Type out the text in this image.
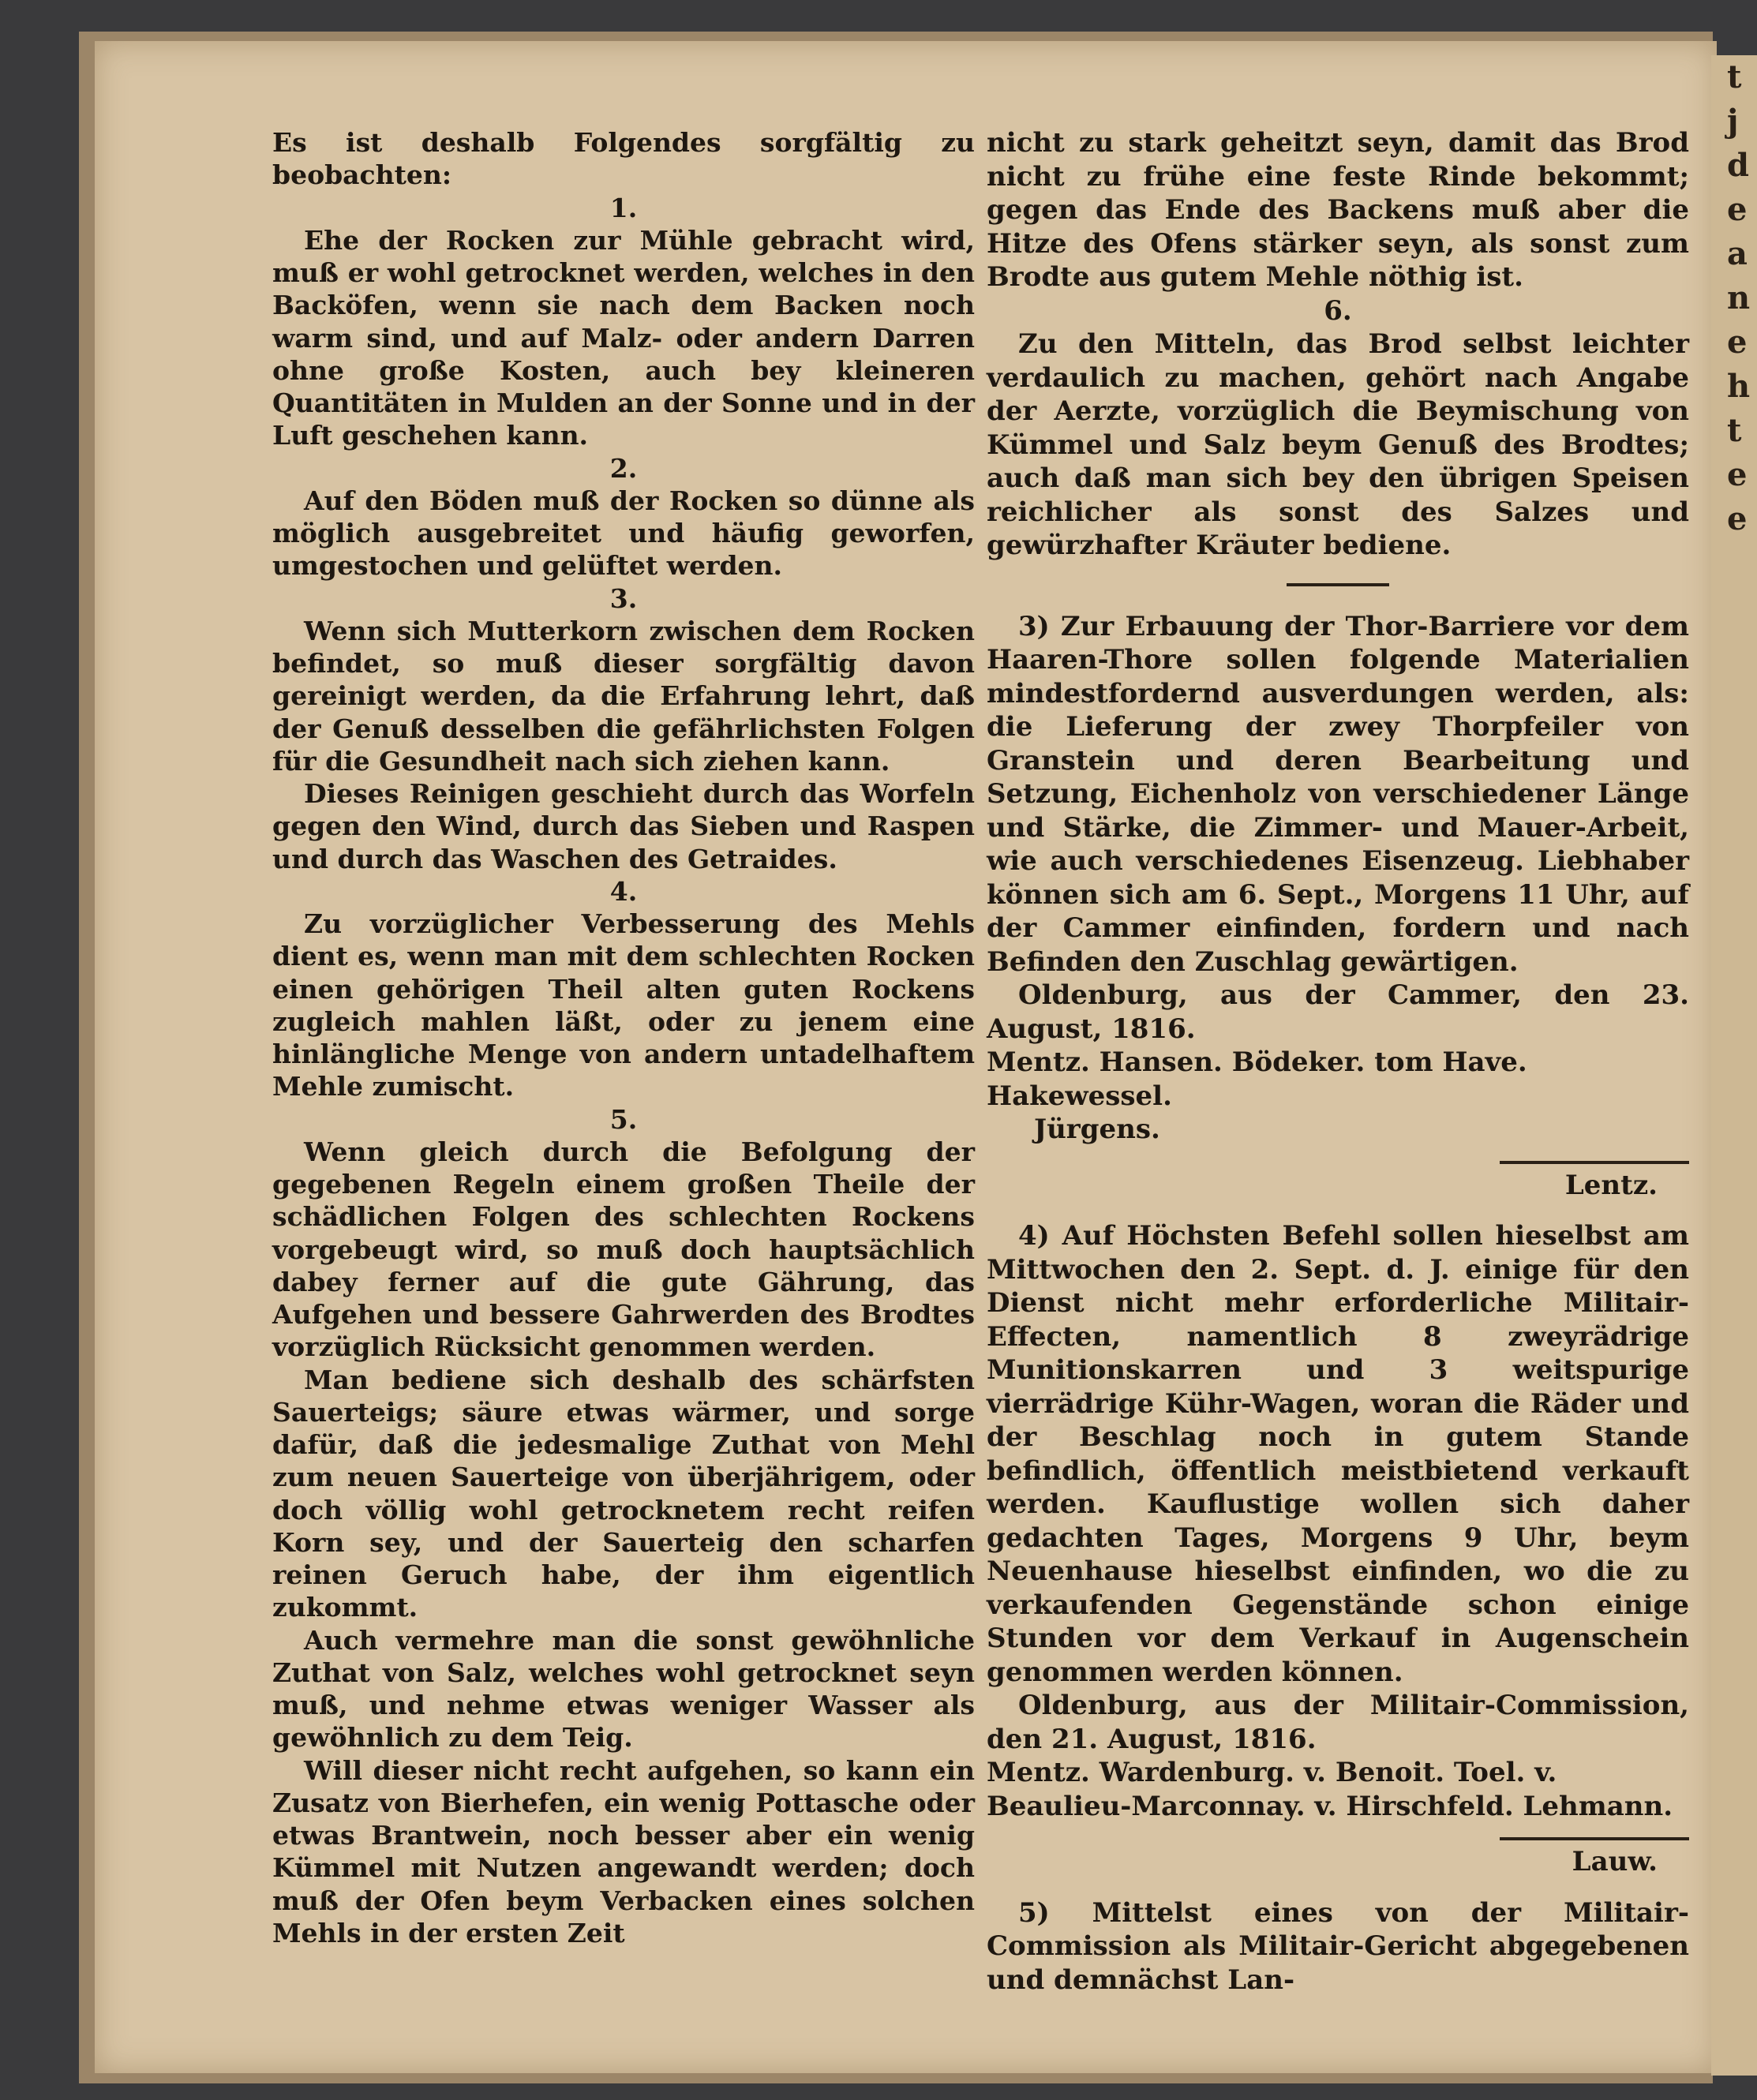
t
j
d
e
a
n
e
h
t
e
e

Es ist deshalb Folgendes sorgfältig zu beobachten:

1.

Ehe der Rocken zur Mühle gebracht wird, muß er wohl getrocknet werden, welches in den Backöfen, wenn sie nach dem Backen noch warm sind, und auf Malz- oder andern Darren ohne große Kosten, auch bey kleineren Quantitäten in Mulden an der Sonne und in der Luft geschehen kann.

2.

Auf den Böden muß der Rocken so dünne als möglich ausgebreitet und häufig geworfen, umgestochen und gelüftet werden.

3.

Wenn sich Mutterkorn zwischen dem Rocken befindet, so muß dieser sorgfältig davon gereinigt werden, da die Erfahrung lehrt, daß der Genuß desselben die gefährlichsten Folgen für die Gesundheit nach sich ziehen kann.

Dieses Reinigen geschieht durch das Worfeln gegen den Wind, durch das Sieben und Raspen und durch das Waschen des Getraides.

4.

Zu vorzüglicher Verbesserung des Mehls dient es, wenn man mit dem schlechten Rocken einen gehörigen Theil alten guten Rockens zugleich mahlen läßt, oder zu jenem eine hinlängliche Menge von andern untadelhaftem Mehle zumischt.

5.

Wenn gleich durch die Befolgung der gegebenen Regeln einem großen Theile der schädlichen Folgen des schlechten Rockens vorgebeugt wird, so muß doch hauptsächlich dabey ferner auf die gute Gährung, das Aufgehen und bessere Gahrwerden des Brodtes vorzüglich Rücksicht genommen werden.

Man bediene sich deshalb des schärfsten Sauerteigs; säure etwas wärmer, und sorge dafür, daß die jedesmalige Zuthat von Mehl zum neuen Sauerteige von überjährigem, oder doch völlig wohl getrocknetem recht reifen Korn sey, und der Sauerteig den scharfen reinen Geruch habe, der ihm eigentlich zukommt.

Auch vermehre man die sonst gewöhnliche Zuthat von Salz, welches wohl getrocknet seyn muß, und nehme etwas weniger Wasser als gewöhnlich zu dem Teig.

Will dieser nicht recht aufgehen, so kann ein Zusatz von Bierhefen, ein wenig Pottasche oder etwas Brantwein, noch besser aber ein wenig Kümmel mit Nutzen angewandt werden; doch muß der Ofen beym Verbacken eines solchen Mehls in der ersten Zeit

nicht zu stark geheitzt seyn, damit das Brod nicht zu frühe eine feste Rinde bekommt; gegen das Ende des Backens muß aber die Hitze des Ofens stärker seyn, als sonst zum Brodte aus gutem Mehle nöthig ist.

6.

Zu den Mitteln, das Brod selbst leichter verdaulich zu machen, gehört nach Angabe der Aerzte, vorzüglich die Beymischung von Kümmel und Salz beym Genuß des Brodtes; auch daß man sich bey den übrigen Speisen reichlicher als sonst des Salzes und gewürzhafter Kräuter bediene.

3) Zur Erbauung der Thor-Barriere vor dem Haaren-Thore sollen folgende Materialien mindestfordernd ausverdungen werden, als: die Lieferung der zwey Thorpfeiler von Granstein und deren Bearbeitung und Setzung, Eichenholz von verschiedener Länge und Stärke, die Zimmer- und Mauer-Arbeit, wie auch verschiedenes Eisenzeug. Liebhaber können sich am 6. Sept., Morgens 11 Uhr, auf der Cammer einfinden, fordern und nach Befinden den Zuschlag gewärtigen.

Oldenburg, aus der Cammer, den 23. August, 1816.

Mentz. Hansen. Bödeker. tom Have. Hakewessel.

Jürgens.

Lentz.

4) Auf Höchsten Befehl sollen hieselbst am Mittwochen den 2. Sept. d. J. einige für den Dienst nicht mehr erforderliche Militair-Effecten, namentlich 8 zweyrädrige Munitionskarren und 3 weitspurige vierrädrige Kühr-Wagen, woran die Räder und der Beschlag noch in gutem Stande befindlich, öffentlich meistbietend verkauft werden. Kauflustige wollen sich daher gedachten Tages, Morgens 9 Uhr, beym Neuenhause hieselbst einfinden, wo die zu verkaufenden Gegenstände schon einige Stunden vor dem Verkauf in Augenschein genommen werden können.

Oldenburg, aus der Militair-Commission, den 21. August, 1816.

Mentz. Wardenburg. v. Benoit. Toel. v. Beaulieu-Marconnay. v. Hirschfeld. Lehmann.

Lauw.

5) Mittelst eines von der Militair-Commission als Militair-Gericht abgegebenen und demnächst Lan-
